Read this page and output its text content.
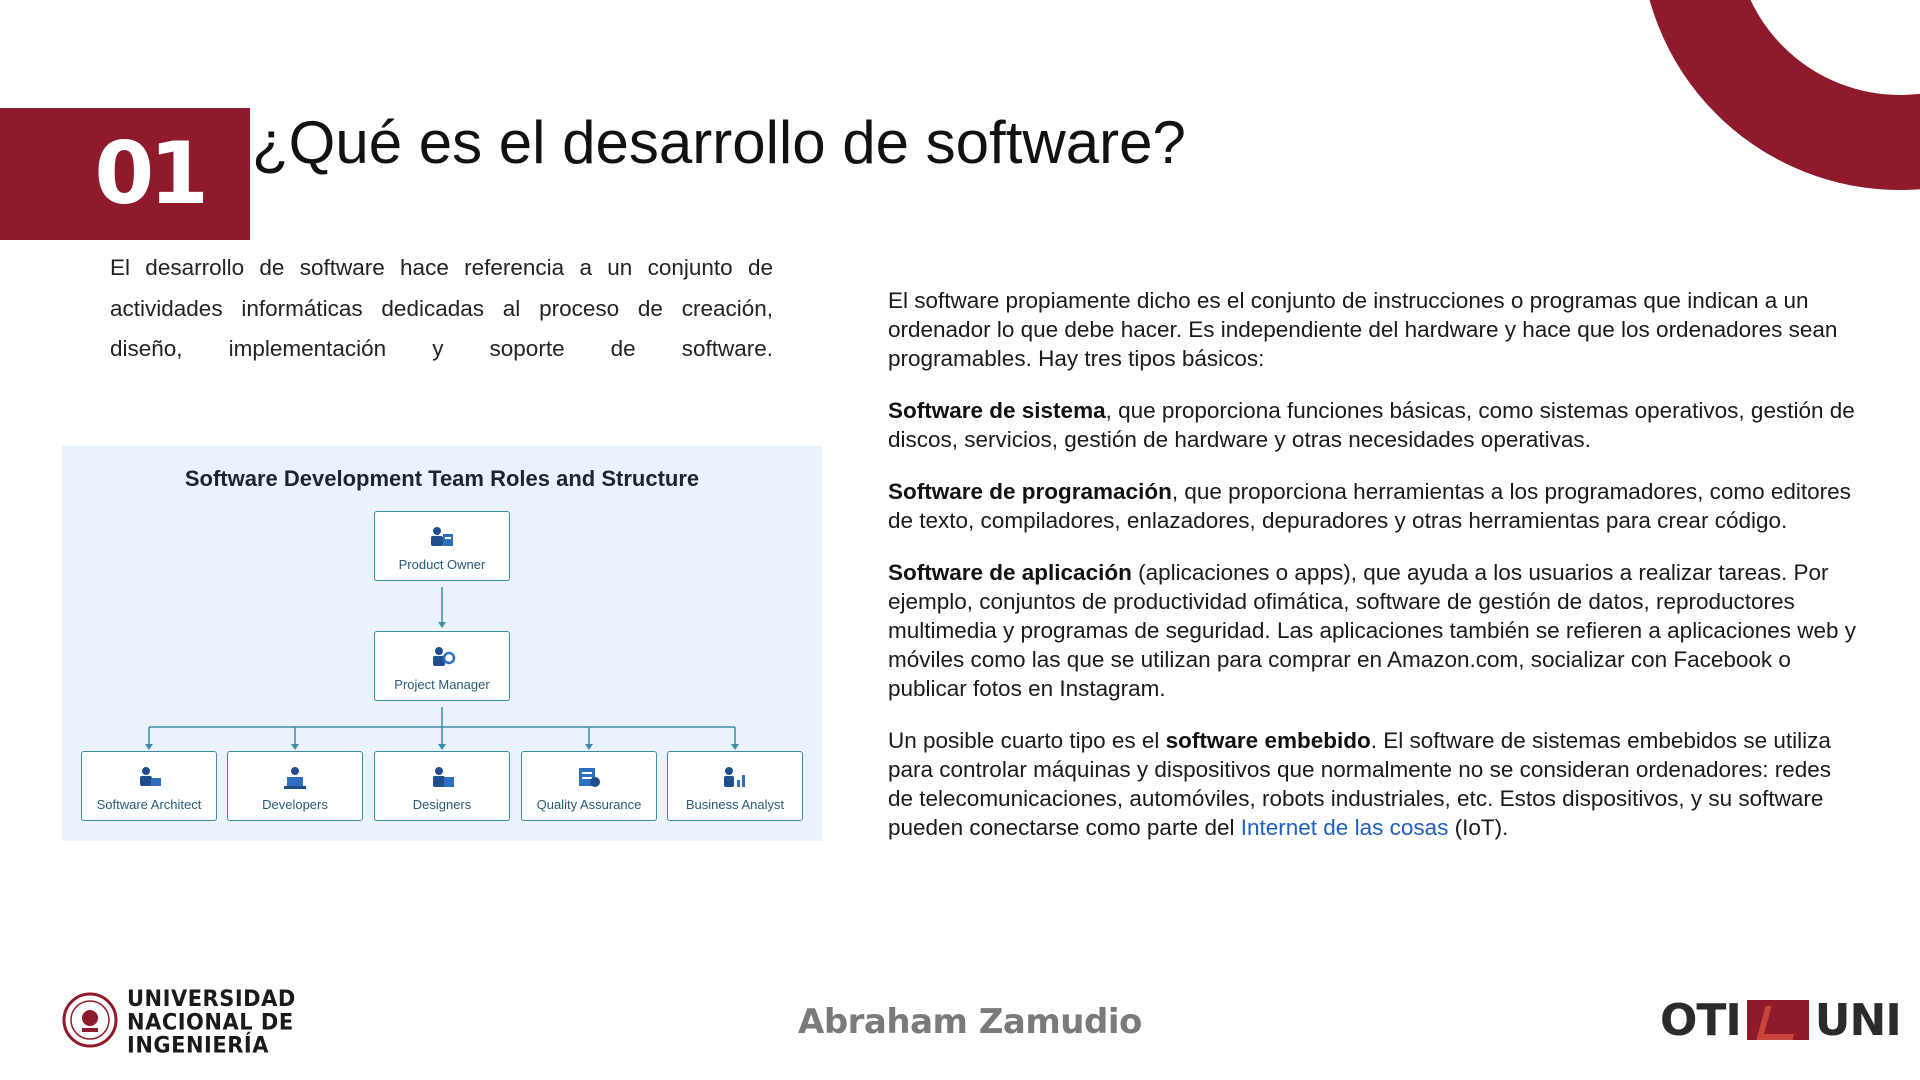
01 ¿Qué es el desarrollo de software?

El desarrollo de software hace referencia a un conjunto de actividades informáticas dedicadas al proceso de creación, diseño, implementación y soporte de software.

Software Development Team Roles and Structure
Product Owner
Project Manager
Software Architect	Developers	Designers	Quality Assurance	Business Analyst

El software propiamente dicho es el conjunto de instrucciones o programas que indican a un ordenador lo que debe hacer. Es independiente del hardware y hace que los ordenadores sean programables. Hay tres tipos básicos:

Software de sistema, que proporciona funciones básicas, como sistemas operativos, gestión de discos, servicios, gestión de hardware y otras necesidades operativas.

Software de programación, que proporciona herramientas a los programadores, como editores de texto, compiladores, enlazadores, depuradores y otras herramientas para crear código.

Software de aplicación (aplicaciones o apps), que ayuda a los usuarios a realizar tareas. Por ejemplo, conjuntos de productividad ofimática, software de gestión de datos, reproductores multimedia y programas de seguridad. Las aplicaciones también se refieren a aplicaciones web y móviles como las que se utilizan para comprar en Amazon.com, socializar con Facebook o publicar fotos en Instagram.

Un posible cuarto tipo es el software embebido. El software de sistemas embebidos se utiliza para controlar máquinas y dispositivos que normalmente no se consideran ordenadores: redes de telecomunicaciones, automóviles, robots industriales, etc. Estos dispositivos, y su software pueden conectarse como parte del Internet de las cosas (IoT).

UNIVERSIDAD
NACIONAL DE
INGENIERÍA
Abraham Zamudio	OTI UNI
